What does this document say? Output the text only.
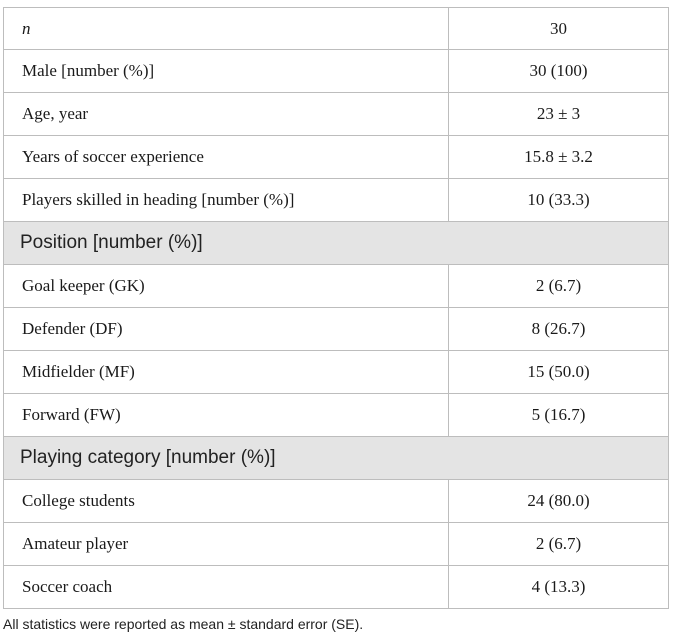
n	30
Male [number (%)]	30 (100)
Age, year	23 ± 3
Years of soccer experience	15.8 ± 3.2
Players skilled in heading [number (%)]	10 (33.3)
Position [number (%)]	
Goal keeper (GK)	2 (6.7)
Defender (DF)	8 (26.7)
Midfielder (MF)	15 (50.0)
Forward (FW)	5 (16.7)
Playing category [number (%)]	
College students	24 (80.0)
Amateur player	2 (6.7)
Soccer coach	4 (13.3)
All statistics were reported as mean ± standard error (SE).
